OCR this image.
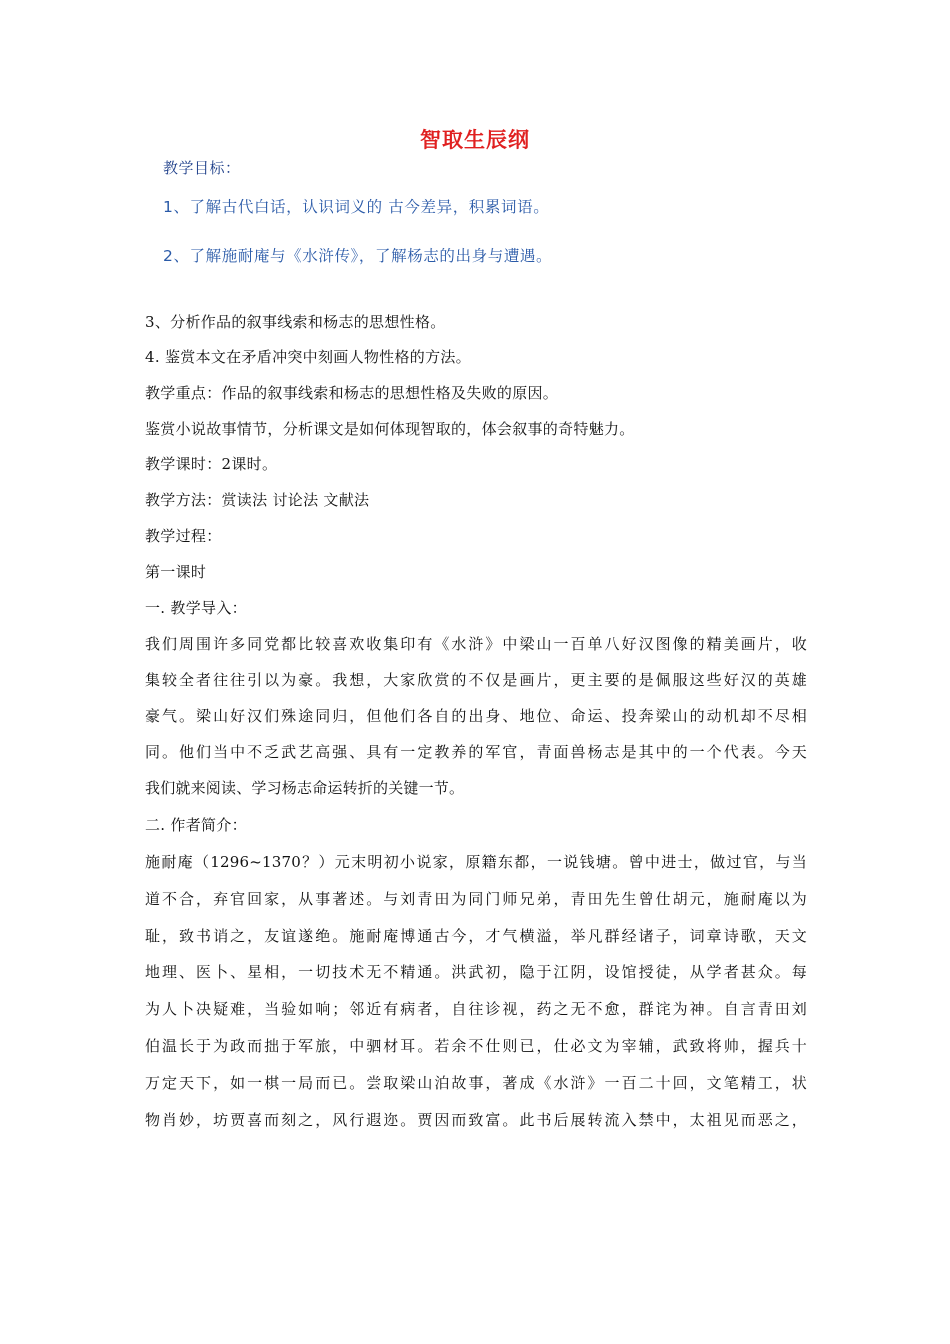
智取生辰纲
教学目标：
1、了解古代白话，认识词义的 古今差异，积累词语。
2、了解施耐庵与《水浒传》，了解杨志的出身与遭遇。
3、分析作品的叙事线索和杨志的思想性格。
4. 鉴赏本文在矛盾冲突中刻画人物性格的方法。
教学重点：作品的叙事线索和杨志的思想性格及失败的原因。
鉴赏小说故事情节，分析课文是如何体现智取的，体会叙事的奇特魅力。
教学课时：2课时。
教学方法：赏读法 讨论法 文献法
教学过程：
第一课时
一. 教学导入：
我们周围许多同党都比较喜欢收集印有《水浒》中梁山一百单八好汉图像的精美画片，收
集较全者往往引以为豪。我想，大家欣赏的不仅是画片，更主要的是佩服这些好汉的英雄
豪气。梁山好汉们殊途同归，但他们各自的出身、地位、命运、投奔梁山的动机却不尽相
同。他们当中不乏武艺高强、具有一定教养的军官，青面兽杨志是其中的一个代表。今天
我们就来阅读、学习杨志命运转折的关键一节。
二. 作者简介：
施耐庵（1296~1370？）元末明初小说家，原籍东都，一说钱塘。曾中进士，做过官，与当
道不合，弃官回家，从事著述。与刘青田为同门师兄弟，青田先生曾仕胡元，施耐庵以为
耻，致书诮之，友谊遂绝。施耐庵博通古今，才气横溢，举凡群经诸子，词章诗歌，天文
地理、医卜、星相，一切技术无不精通。洪武初，隐于江阴，设馆授徒，从学者甚众。每
为人卜决疑难，当验如响；邻近有病者，自往诊视，药之无不愈，群诧为神。自言青田刘
伯温长于为政而拙于军旅，中驷材耳。若余不仕则已，仕必文为宰辅，武致将帅，握兵十
万定天下，如一棋一局而已。尝取梁山泊故事，著成《水浒》一百二十回，文笔精工，状
物肖妙，坊贾喜而刻之，风行遐迩。贾因而致富。此书后展转流入禁中，太祖见而恶之，
